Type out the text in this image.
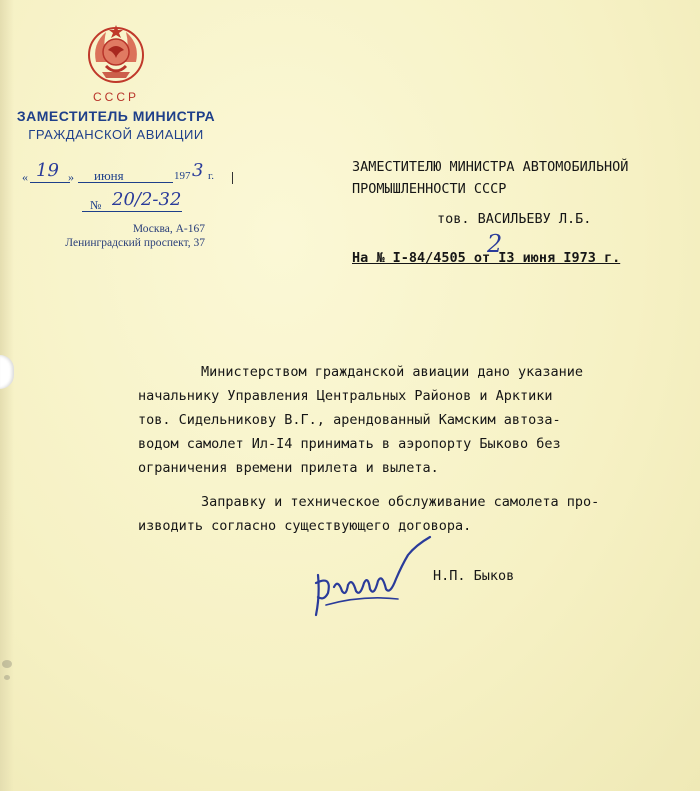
СССР
ЗАМЕСТИТЕЛЬ МИНИСТРА
ГРАЖДАНСКОЙ АВИАЦИИ
« 19 » июня	197 3 г.
№ 20/2-32
Москва, А-167
Ленинградский проспект, 37
ЗАМЕСТИТЕЛЮ МИНИСТРА АВТОМОБИЛЬНОЙ
ПРОМЫШЛЕННОСТИ СССР
тов. ВАСИЛЬЕВУ Л.Б.
На № I-84/4505 от I3 июня I973 г.
2
Министерством гражданской авиации дано указание
начальнику Управления Центральных Районов и Арктики
тов. Сидельникову В.Г., арендованный Камским автоза-
водом самолет Ил-I4 принимать в аэропорту Быково без
ограничения времени прилета и вылета.
Заправку и техническое обслуживание самолета про-
изводить согласно существующего договора.
Н.П. Быков
